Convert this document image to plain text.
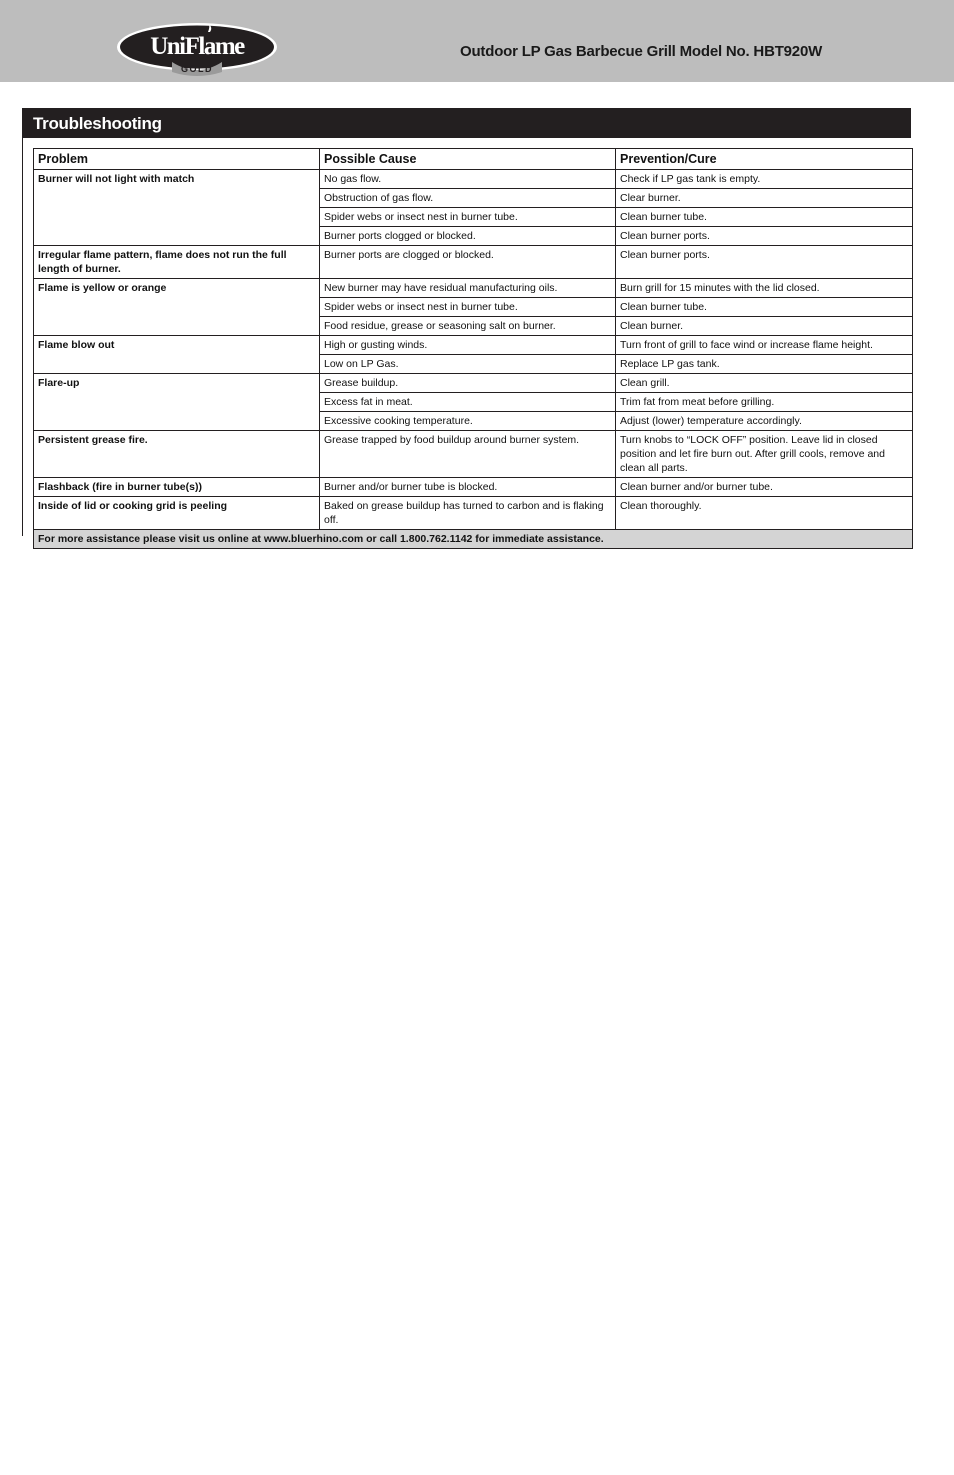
UniFlame
GOLD
Outdoor LP Gas Barbecue Grill Model No. HBT920W
Troubleshooting
Problem	Possible Cause	Prevention/Cure
Burner will not light with match	No gas flow.	Check if LP gas tank is empty.
	Obstruction of gas flow.	Clear burner.
	Spider webs or insect nest in burner tube.	Clean burner tube.
	Burner ports clogged or blocked.	Clean burner ports.
Irregular flame pattern, flame does not run the full length of burner.	Burner ports are clogged or blocked.	Clean burner ports.
Flame is yellow or orange	New burner may have residual manufacturing oils.	Burn grill for 15 minutes with the lid closed.
	Spider webs or insect nest in burner tube.	Clean burner tube.
	Food residue, grease or seasoning salt on burner.	Clean burner.
Flame blow out	High or gusting winds.	Turn front of grill to face wind or increase flame height.
	Low on LP Gas.	Replace LP gas tank.
Flare-up	Grease buildup.	Clean grill.
	Excess fat in meat.	Trim fat from meat before grilling.
	Excessive cooking temperature.	Adjust (lower) temperature accordingly.
Persistent grease fire.	Grease trapped by food buildup around burner system.	Turn knobs to “LOCK OFF” position. Leave lid in closed position and let fire burn out. After grill cools, remove and clean all parts.
Flashback (fire in burner tube(s))	Burner and/or burner tube is blocked.	Clean burner and/or burner tube.
Inside of lid or cooking grid is peeling	Baked on grease buildup has turned to carbon and is flaking off.	Clean thoroughly.
For more assistance please visit us online at www.bluerhino.com or call 1.800.762.1142 for immediate assistance.		
